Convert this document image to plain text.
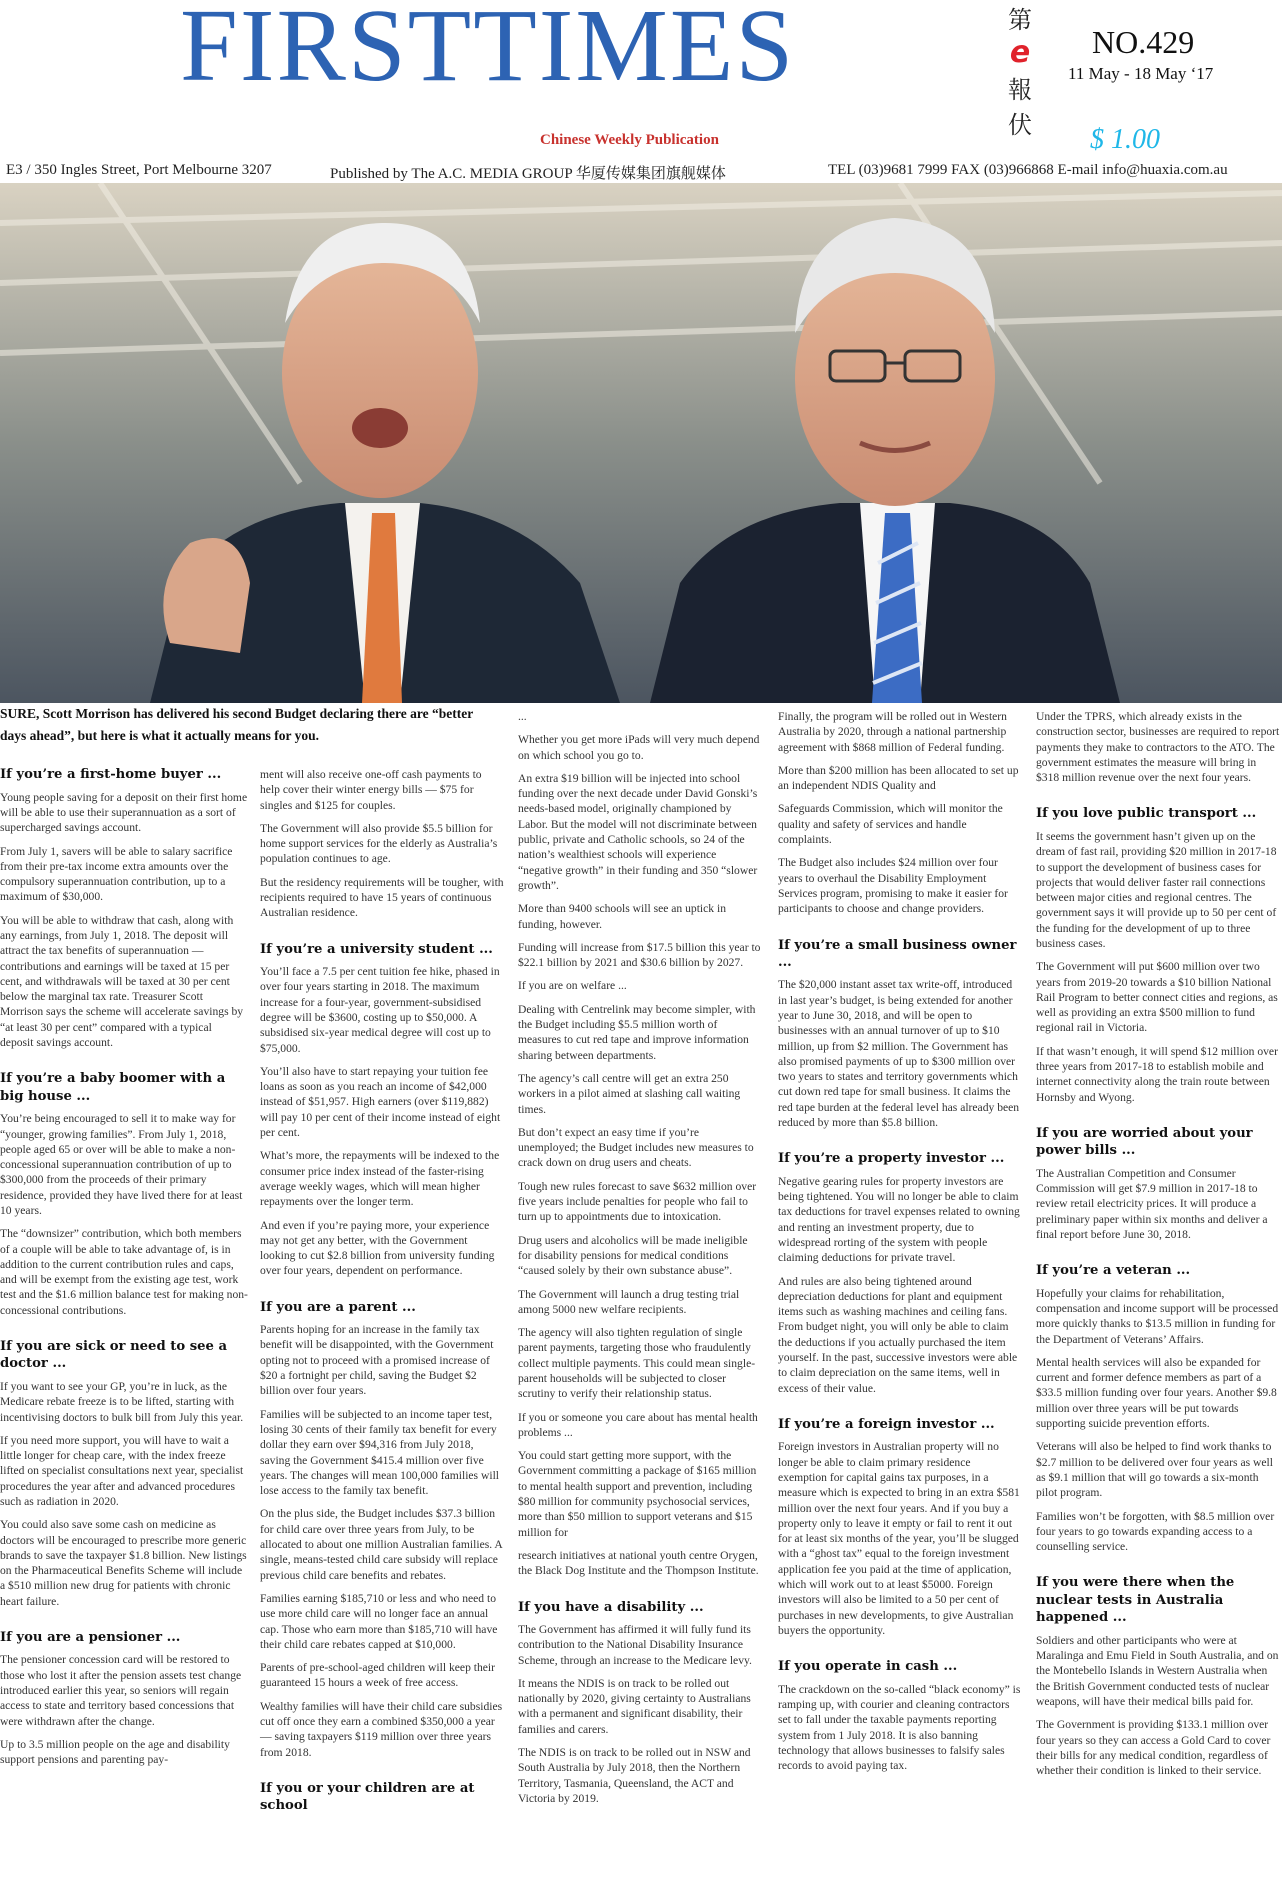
FIRSTTIMES	第
e
報
伏
Chinese Weekly Publication
NO.429
11 May - 18 May ‘17
$ 1.00
E3 / 350 Ingles Street, Port Melbourne 3207	Published by The A.C. MEDIA GROUP 华厦传媒集团旗舰媒体	TEL (03)9681 7999 FAX (03)966868 E-mail info@huaxia.com.au

SURE, Scott Morrison has delivered his second Budget declaring there are “better days ahead”, but here is what it actually means for you.

If you’re a first-home buyer ...

Young people saving for a deposit on their first home will be able to use their superannuation as a sort of supercharged savings account.

From July 1, savers will be able to salary sacrifice from their pre-tax income extra amounts over the compulsory superannuation contribution, up to a maximum of $30,000.

You will be able to withdraw that cash, along with any earnings, from July 1, 2018. The deposit will attract the tax benefits of superannuation — contributions and earnings will be taxed at 15 per cent, and withdrawals will be taxed at 30 per cent below the marginal tax rate. Treasurer Scott Morrison says the scheme will accelerate savings by “at least 30 per cent” compared with a typical deposit savings account.

If you’re a baby boomer with a big house ...

You’re being encouraged to sell it to make way for “younger, growing families”. From July 1, 2018, people aged 65 or over will be able to make a non-concessional superannuation contribution of up to $300,000 from the proceeds of their primary residence, provided they have lived there for at least 10 years.

The “downsizer” contribution, which both members of a couple will be able to take advantage of, is in addition to the current contribution rules and caps, and will be exempt from the existing age test, work test and the $1.6 million balance test for making non-concessional contributions.

If you are sick or need to see a doctor ...

If you want to see your GP, you’re in luck, as the Medicare rebate freeze is to be lifted, starting with incentivising doctors to bulk bill from July this year.

If you need more support, you will have to wait a little longer for cheap care, with the index freeze lifted on specialist consultations next year, specialist procedures the year after and advanced procedures such as radiation in 2020.

You could also save some cash on medicine as doctors will be encouraged to prescribe more generic brands to save the taxpayer $1.8 billion. New listings on the Pharmaceutical Benefits Scheme will include a $510 million new drug for patients with chronic heart failure.

If you are a pensioner ...

The pensioner concession card will be restored to those who lost it after the pension assets test change introduced earlier this year, so seniors will regain access to state and territory based concessions that were withdrawn after the change.

Up to 3.5 million people on the age and disability support pensions and parenting pay-

ment will also receive one-off cash payments to help cover their winter energy bills — $75 for singles and $125 for couples.

The Government will also provide $5.5 billion for home support services for the elderly as Australia’s population continues to age.

But the residency requirements will be tougher, with recipients required to have 15 years of continuous Australian residence.

If you’re a university student ...

You’ll face a 7.5 per cent tuition fee hike, phased in over four years starting in 2018. The maximum increase for a four-year, government-subsidised degree will be $3600, costing up to $50,000. A subsidised six-year medical degree will cost up to $75,000.

You’ll also have to start repaying your tuition fee loans as soon as you reach an income of $42,000 instead of $51,957. High earners (over $119,882) will pay 10 per cent of their income instead of eight per cent.

What’s more, the repayments will be indexed to the consumer price index instead of the faster-rising average weekly wages, which will mean higher repayments over the longer term.

And even if you’re paying more, your experience may not get any better, with the Government looking to cut $2.8 billion from university funding over four years, dependent on performance.

If you are a parent ...

Parents hoping for an increase in the family tax benefit will be disappointed, with the Government opting not to proceed with a promised increase of $20 a fortnight per child, saving the Budget $2 billion over four years.

Families will be subjected to an income taper test, losing 30 cents of their family tax benefit for every dollar they earn over $94,316 from July 2018, saving the Government $415.4 million over five years. The changes will mean 100,000 families will lose access to the family tax benefit.

On the plus side, the Budget includes $37.3 billion for child care over three years from July, to be allocated to about one million Australian families. A single, means-tested child care subsidy will replace previous child care benefits and rebates.

Families earning $185,710 or less and who need to use more child care will no longer face an annual cap. Those who earn more than $185,710 will have their child care rebates capped at $10,000.

Parents of pre-school-aged children will keep their guaranteed 15 hours a week of free access.

Wealthy families will have their child care subsidies cut off once they earn a combined $350,000 a year — saving taxpayers $119 million over three years from 2018.

If you or your children are at school

...

Whether you get more iPads will very much depend on which school you go to.

An extra $19 billion will be injected into school funding over the next decade under David Gonski’s needs-based model, originally championed by Labor. But the model will not discriminate between public, private and Catholic schools, so 24 of the nation’s wealthiest schools will experience “negative growth” in their funding and 350 “slower growth”.

More than 9400 schools will see an uptick in funding, however.

Funding will increase from $17.5 billion this year to $22.1 billion by 2021 and $30.6 billion by 2027.

If you are on welfare ...

Dealing with Centrelink may become simpler, with the Budget including $5.5 million worth of measures to cut red tape and improve information sharing between departments.

The agency’s call centre will get an extra 250 workers in a pilot aimed at slashing call waiting times.

But don’t expect an easy time if you’re unemployed; the Budget includes new measures to crack down on drug users and cheats.

Tough new rules forecast to save $632 million over five years include penalties for people who fail to turn up to appointments due to intoxication.

Drug users and alcoholics will be made ineligible for disability pensions for medical conditions “caused solely by their own substance abuse”.

The Government will launch a drug testing trial among 5000 new welfare recipients.

The agency will also tighten regulation of single parent payments, targeting those who fraudulently collect multiple payments. This could mean single-parent households will be subjected to closer scrutiny to verify their relationship status.

If you or someone you care about has mental health problems ...

You could start getting more support, with the Government committing a package of $165 million to mental health support and prevention, including $80 million for community psychosocial services, more than $50 million to support veterans and $15 million for

research initiatives at national youth centre Orygen, the Black Dog Institute and the Thompson Institute.

If you have a disability ...

The Government has affirmed it will fully fund its contribution to the National Disability Insurance Scheme, through an increase to the Medicare levy.

It means the NDIS is on track to be rolled out nationally by 2020, giving certainty to Australians with a permanent and significant disability, their families and carers.

The NDIS is on track to be rolled out in NSW and South Australia by July 2018, then the Northern Territory, Tasmania, Queensland, the ACT and Victoria by 2019.

Finally, the program will be rolled out in Western Australia by 2020, through a national partnership agreement with $868 million of Federal funding.

More than $200 million has been allocated to set up an independent NDIS Quality and

Safeguards Commission, which will monitor the quality and safety of services and handle complaints.

The Budget also includes $24 million over four years to overhaul the Disability Employment Services program, promising to make it easier for participants to choose and change providers.

If you’re a small business owner ...

The $20,000 instant asset tax write-off, introduced in last year’s budget, is being extended for another year to June 30, 2018, and will be open to businesses with an annual turnover of up to $10 million, up from $2 million. The Government has also promised payments of up to $300 million over two years to states and territory governments which cut down red tape for small business. It claims the red tape burden at the federal level has already been reduced by more than $5.8 billion.

If you’re a property investor ...

Negative gearing rules for property investors are being tightened. You will no longer be able to claim tax deductions for travel expenses related to owning and renting an investment property, due to widespread rorting of the system with people claiming deductions for private travel.

And rules are also being tightened around depreciation deductions for plant and equipment items such as washing machines and ceiling fans. From budget night, you will only be able to claim the deductions if you actually purchased the item yourself. In the past, successive investors were able to claim depreciation on the same items, well in excess of their value.

If you’re a foreign investor ...

Foreign investors in Australian property will no longer be able to claim primary residence exemption for capital gains tax purposes, in a measure which is expected to bring in an extra $581 million over the next four years. And if you buy a property only to leave it empty or fail to rent it out for at least six months of the year, you’ll be slugged with a “ghost tax” equal to the foreign investment application fee you paid at the time of application, which will work out to at least $5000. Foreign investors will also be limited to a 50 per cent of purchases in new developments, to give Australian buyers the opportunity.

If you operate in cash ...

The crackdown on the so-called “black economy” is ramping up, with courier and cleaning contractors set to fall under the taxable payments reporting system from 1 July 2018. It is also banning technology that allows businesses to falsify sales records to avoid paying tax.

Under the TPRS, which already exists in the construction sector, businesses are required to report payments they make to contractors to the ATO. The government estimates the measure will bring in $318 million revenue over the next four years.

If you love public transport ...

It seems the government hasn’t given up on the dream of fast rail, providing $20 million in 2017-18 to support the development of business cases for projects that would deliver faster rail connections between major cities and regional centres. The government says it will provide up to 50 per cent of the funding for the development of up to three business cases.

The Government will put $600 million over two years from 2019-20 towards a $10 billion National Rail Program to better connect cities and regions, as well as providing an extra $500 million to fund regional rail in Victoria.

If that wasn’t enough, it will spend $12 million over three years from 2017-18 to establish mobile and internet connectivity along the train route between Hornsby and Wyong.

If you are worried about your power bills ...

The Australian Competition and Consumer Commission will get $7.9 million in 2017-18 to review retail electricity prices. It will produce a preliminary paper within six months and deliver a final report before June 30, 2018.

If you’re a veteran ...

Hopefully your claims for rehabilitation, compensation and income support will be processed more quickly thanks to $13.5 million in funding for the Department of Veterans’ Affairs.

Mental health services will also be expanded for current and former defence members as part of a $33.5 million funding over four years. Another $9.8 million over three years will be put towards supporting suicide prevention efforts.

Veterans will also be helped to find work thanks to $2.7 million to be delivered over four years as well as $9.1 million that will go towards a six-month pilot program.

Families won’t be forgotten, with $8.5 million over four years to go towards expanding access to a counselling service.

If you were there when the nuclear tests in Australia happened ...

Soldiers and other participants who were at Maralinga and Emu Field in South Australia, and on the Montebello Islands in Western Australia when the British Government conducted tests of nuclear weapons, will have their medical bills paid for.

The Government is providing $133.1 million over four years so they can access a Gold Card to cover their bills for any medical condition, regardless of whether their condition is linked to their service.
